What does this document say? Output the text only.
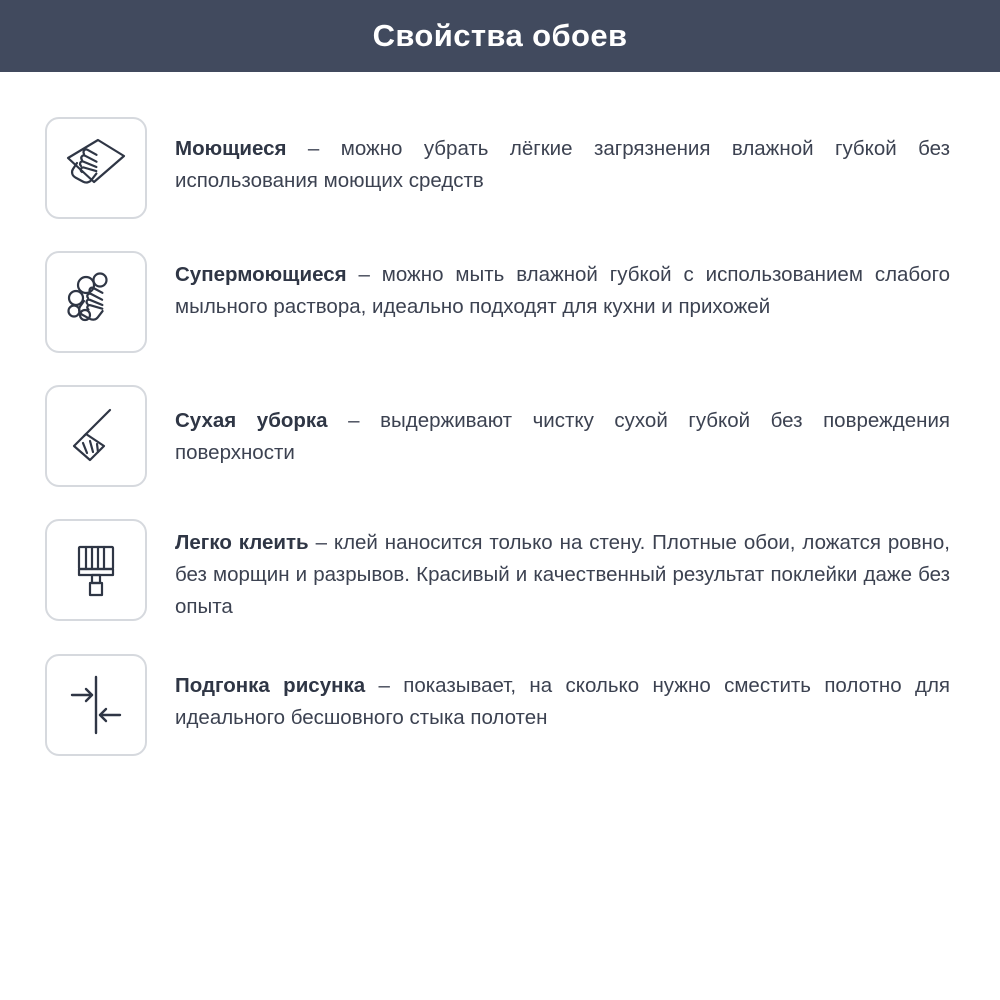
Свойства обоев
Моющиеся – можно убрать лёгкие загрязнения влажной губкой без использования моющих средств
Супермоющиеся – можно мыть влажной губкой с использованием слабого мыльного раствора, идеально подходят для кухни и прихожей
Сухая уборка – выдерживают чистку сухой губкой без повреждения поверхности
Легко клеить – клей наносится только на стену. Плотные обои, ложатся ровно, без морщин и разрывов. Красивый и качественный результат поклейки даже без опыта
Подгонка рисунка – показывает, на сколько нужно сместить полотно для идеального бесшовного стыка полотен
